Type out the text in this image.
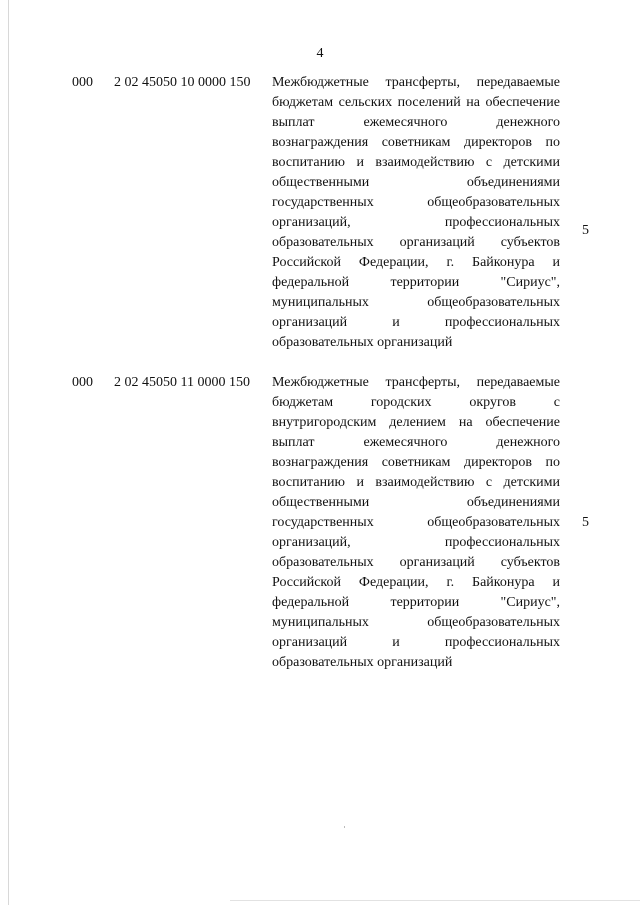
4
000 2 02 45050 10 0000 150 Межбюджетные трансферты, передаваемые бюджетам сельских поселений на обеспечение выплат ежемесячного денежного вознаграждения советникам директоров по воспитанию и взаимодействию с детскими общественными объединениями государственных общеобразовательных организаций, профессиональных образовательных организаций субъектов Российской Федерации, г. Байконура и федеральной территории "Сириус", муниципальных общеобразовательных организаций и профессиональных образовательных организаций

5
000 2 02 45050 11 0000 150 Межбюджетные трансферты, передаваемые бюджетам городских округов с внутригородским делением на обеспечение выплат ежемесячного денежного вознаграждения советникам директоров по воспитанию и взаимодействию с детскими общественными объединениями государственных общеобразовательных организаций, профессиональных образовательных организаций субъектов Российской Федерации, г. Байконура и федеральной территории "Сириус", муниципальных общеобразовательных организаций и профессиональных образовательных организаций

5
